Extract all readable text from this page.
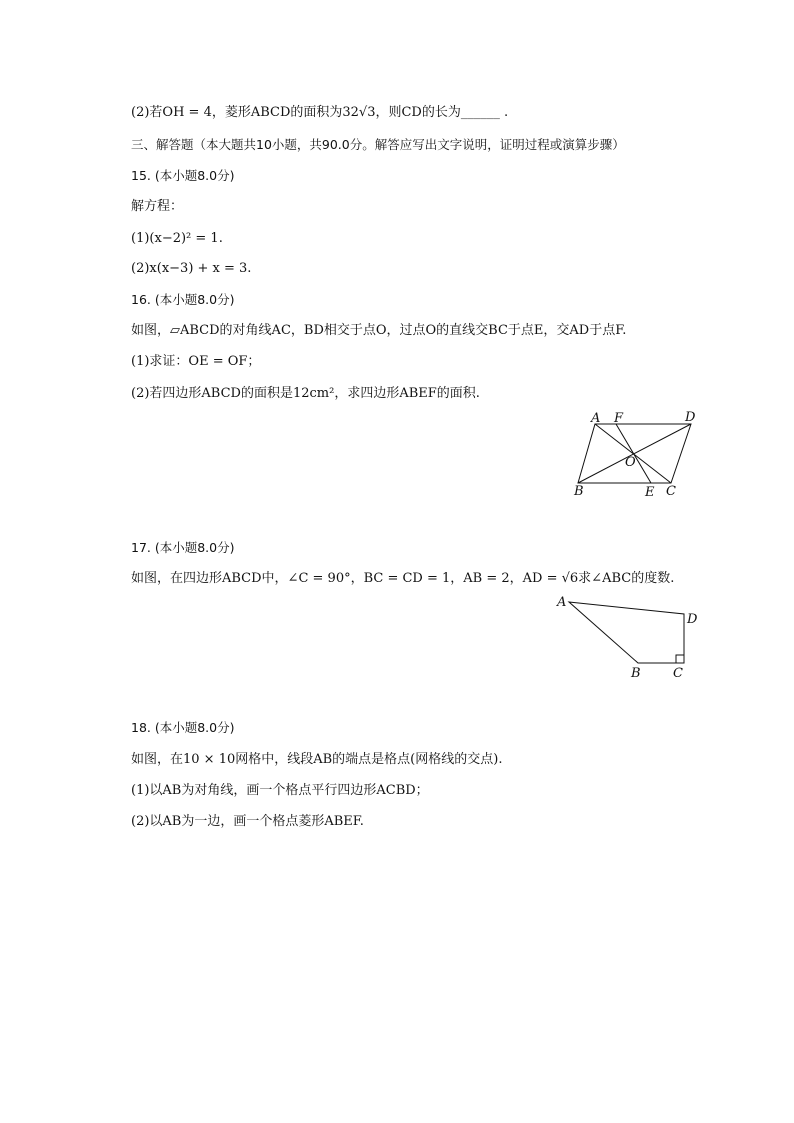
(2)若OH = 4，菱形ABCD的面积为32√3，则CD的长为______ .
三、解答题（本大题共10小题，共90.0分。解答应写出文字说明，证明过程或演算步骤）
15. (本小题8.0分)
解方程：
(1)(x−2)² = 1.
(2)x(x−3) + x = 3.
16. (本小题8.0分)
如图，▱ABCD的对角线AC，BD相交于点O，过点O的直线交BC于点E，交AD于点F.
(1)求证：OE = OF；
(2)若四边形ABCD的面积是12cm²，求四边形ABEF的面积.
A F	D
O
B	E C
17. (本小题8.0分)
如图，在四边形ABCD中，∠C = 90°，BC = CD = 1，AB = 2，AD = √6求∠ABC的度数.
A
D
B C
18. (本小题8.0分)
如图，在10 × 10网格中，线段AB的端点是格点(网格线的交点).
(1)以AB为对角线，画一个格点平行四边形ACBD；
(2)以AB为一边，画一个格点菱形ABEF.
